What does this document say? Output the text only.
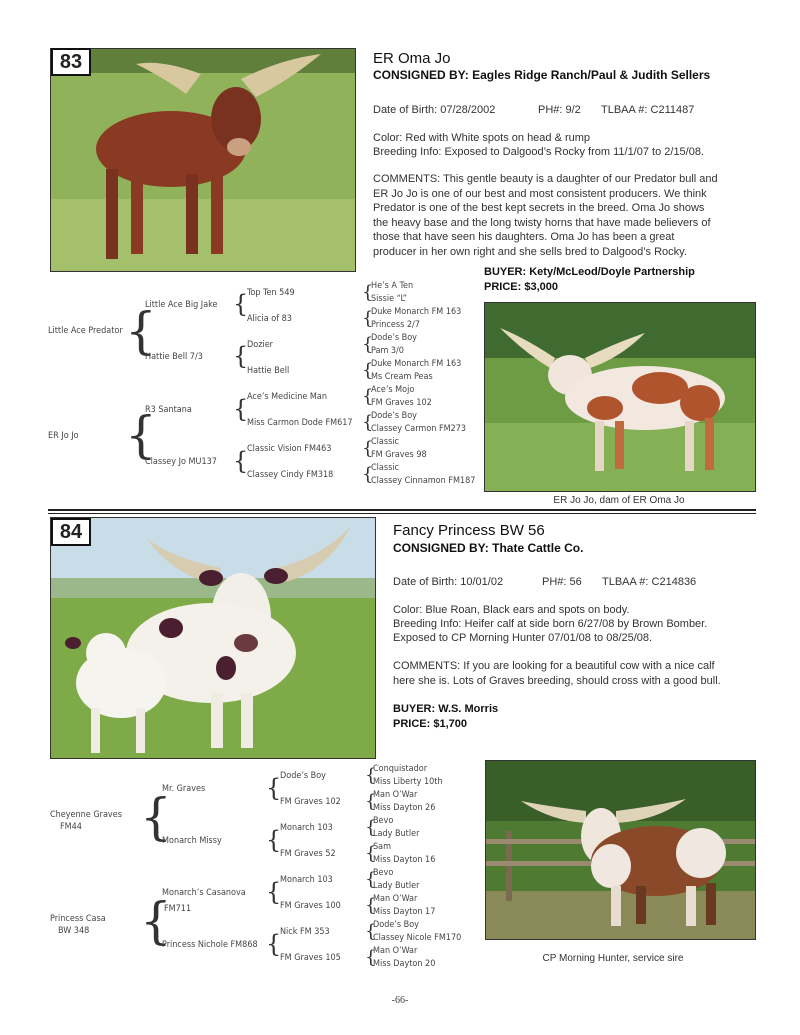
83	ER Oma Jo
CONSIGNED BY: Eagles Ridge Ranch/Paul & Judith Sellers
Date of Birth: 07/28/2002	PH#: 9/2 TLBAA #: C211487
Color: Red with White spots on head & rump
Breeding Info: Exposed to Dalgood’s Rocky from 11/1/07 to 2/15/08.
COMMENTS: This gentle beauty is a daughter of our Predator bull and
ER Jo Jo is one of our best and most consistent producers. We think
Predator is one of the best kept secrets in the breed. Oma Jo shows
the heavy base and the long twisty horns that have made believers of
those that have seen his daughters. Oma Jo has been a great
producer in her own right and she sells bred to Dalgood’s Rocky.
BUYER: Kety/McLeod/Doyle Partnership
PRICE: $3,000
ER Jo Jo, dam of ER Oma Jo
Little Ace Predator
ER Jo Jo
{
{
Little Ace Big Jake
Hattie Bell 7/3
R3 Santana
Classey Jo MU137
{
{
{
{
Top Ten 549
Alicia of 83
Dozier
Hattie Bell
Ace’s Medicine Man
Miss Carmon Dode FM617
Classic Vision FM463
Classey Cindy FM318
{
{
{
{
{
{
{
{
He’s A Ten
Sissie “L”
Duke Monarch FM 163
Princess 2/7
Dode’s Boy
Pam 3/0
Duke Monarch FM 163
Ms Cream Peas
Ace’s Mojo
FM Graves 102
Dode’s Boy
Classey Carmon FM273
Classic
FM Graves 98
Classic
Classey Cinnamon FM187
84	Fancy Princess BW 56
CONSIGNED BY: Thate Cattle Co.
Date of Birth: 10/01/02	PH#: 56 TLBAA #: C214836
Color: Blue Roan, Black ears and spots on body.
Breeding Info: Heifer calf at side born 6/27/08 by Brown Bomber.
Exposed to CP Morning Hunter 07/01/08 to 08/25/08.
COMMENTS: If you are looking for a beautiful cow with a nice calf
here she is. Lots of Graves breeding, should cross with a good bull.
BUYER: W.S. Morris
PRICE: $1,700
CP Morning Hunter, service sire
Cheyenne Graves
FM44
Princess Casa
BW 348
{
{
Mr. Graves
Monarch Missy
Monarch’s Casanova
FM711
Princess Nichole FM868
{
{
{
{
Dode’s Boy
FM Graves 102
Monarch 103
FM Graves 52
Monarch 103
FM Graves 100
Nick FM 353
FM Graves 105
{
{
{
{
{
{
{
{
Conquistador
Miss Liberty 10th
Man O’War
Miss Dayton 26
Bevo
Lady Butler
Sam
Miss Dayton 16
Bevo
Lady Butler
Man O’War
Miss Dayton 17
Dode’s Boy
Classey Nicole FM170
Man O’War
Miss Dayton 20
-66-
